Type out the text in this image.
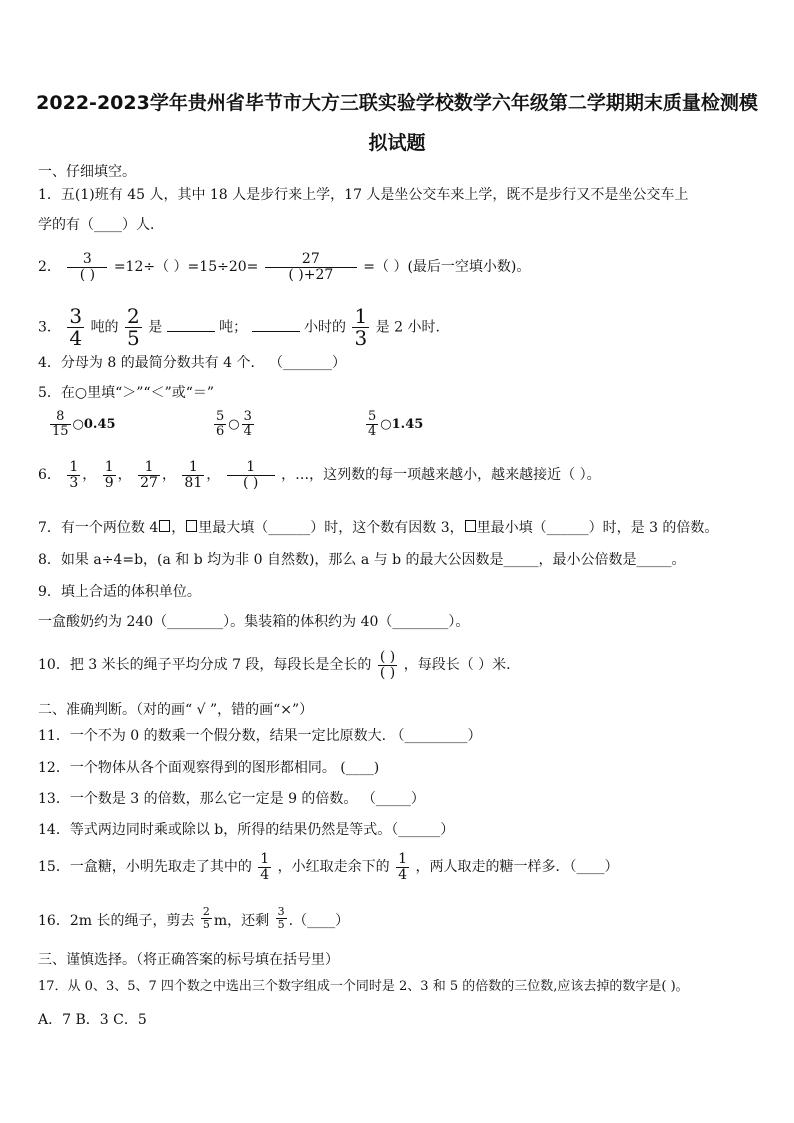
2022-2023学年贵州省毕节市大方三联实验学校数学六年级第二学期期末质量检测模
拟试题
一、仔细填空。
1．五(1)班有 45 人，其中 18 人是步行来上学，17 人是坐公交车来上学，既不是步行又不是坐公交车上
学的有（____）人．
2． $\frac{3}{( )} =12\div$（ ）$=15\div 20= \frac{27}{( )+27}$ =（ ）(最后一空填小数)。
3． $\frac{3}{4}$ 吨的 $\frac{2}{5}$ 是	吨；	小时的 $\frac{1}{3}$ 是 2 小时.
4．分母为 8 的最简分数共有 4 个． （_______）
5．在○里填“＞”“＜”或“＝”
$\frac{8}{15}$ ○0.45	$\frac{5}{6}$ ○ $\frac{3}{4}$	$\frac{5}{4}$ ○1.45
6． $\frac{1}{3}$ ， $\frac{1}{9}$ ， $\frac{1}{27}$ ， $\frac{1}{81}$ ， $\frac{1}{( )}$ ，…，这列数的每一项越来越小，越来越接近（ ）。
7．有一个两位数 4 ， 里最大填（______）时，这个数有因数 3， 里最小填（______）时，是 3 的倍数。
8．如果 a÷4=b，(a 和 b 均为非 0 自然数)，那么 a 与 b 的最大公因数是_____，最小公倍数是_____。
9．填上合适的体积单位。
一盒酸奶约为 240（________）。集装箱的体积约为 40（________）。
10．把 3 米长的绳子平均分成 7 段，每段长是全长的 $\frac{( )}{( )}$ ，每段长（ ）米.
二、准确判断。（对的画“ √ ”，错的画“×”）
11．一个不为 0 的数乘一个假分数，结果一定比原数大. （_________）
12．一个物体从各个面观察得到的图形都相同。 (____)
13．一个数是 3 的倍数，那么它一定是 9 的倍数。 （_____）
14．等式两边同时乘或除以 b，所得的结果仍然是等式。（______）
15．一盒糖，小明先取走了其中的 $\frac{1}{4}$ ，小红取走余下的 $\frac{1}{4}$ ，两人取走的糖一样多．（____）
16．2m 长的绳子，剪去 $\frac{2}{5}$ m，还剩 $\frac{3}{5}$ .（____）
三、谨慎选择。（将正确答案的标号填在括号里）
17．从 0、3、5、7 四个数之中选出三个数字组成一个同时是 2、3 和 5 的倍数的三位数,应该去掉的数字是( )。
A．7 B．3 C．5
